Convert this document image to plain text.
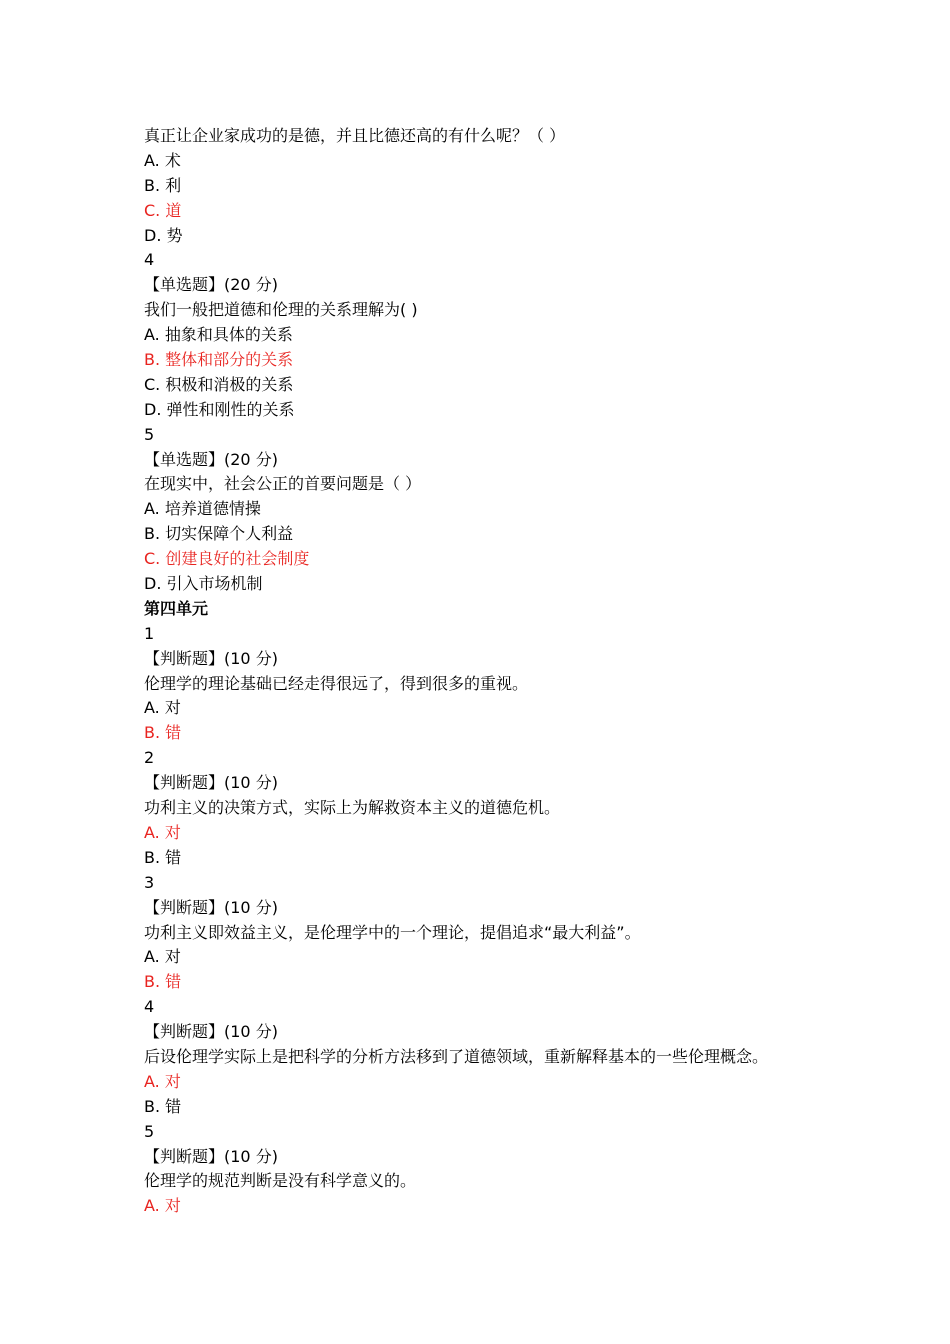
真正让企业家成功的是德，并且比德还高的有什么呢？（ ）
A. 术
B. 利
C. 道
D. 势
4
【单选题】(20 分)
我们一般把道德和伦理的关系理解为( )
A. 抽象和具体的关系
B. 整体和部分的关系
C. 积极和消极的关系
D. 弹性和刚性的关系
5
【单选题】(20 分)
在现实中，社会公正的首要问题是（ ）
A. 培养道德情操
B. 切实保障个人利益
C. 创建良好的社会制度
D. 引入市场机制
第四单元
1
【判断题】(10 分)
伦理学的理论基础已经走得很远了，得到很多的重视。
A. 对
B. 错
2
【判断题】(10 分)
功利主义的决策方式，实际上为解救资本主义的道德危机。
A. 对
B. 错
3
【判断题】(10 分)
功利主义即效益主义，是伦理学中的一个理论，提倡追求“最大利益”。
A. 对
B. 错
4
【判断题】(10 分)
后设伦理学实际上是把科学的分析方法移到了道德领域，重新解释基本的一些伦理概念。
A. 对
B. 错
5
【判断题】(10 分)
伦理学的规范判断是没有科学意义的。
A. 对
